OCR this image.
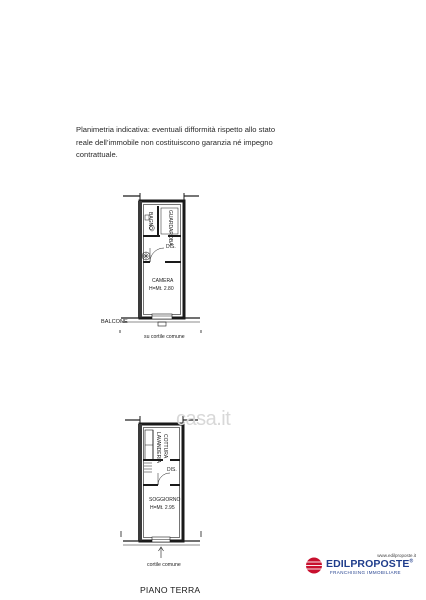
Planimetria indicativa: eventuali difformità rispetto allo stato reale dell’immobile non costituiscono garanzia né impegno contrattuale.
BAGNO	GUARDAROBA
DIS.
CAMERA
H=Mt. 2.80
BALCONE
su cortile comune
LAVANDERIA COTTURA
DIS.
SOGGIORNO
H=Mt. 2.95
cortile comune
casa.it
PIANO TERRA
www.edilproposte.it
EDILPROPOSTE®
FRANCHISING IMMOBILIARE
